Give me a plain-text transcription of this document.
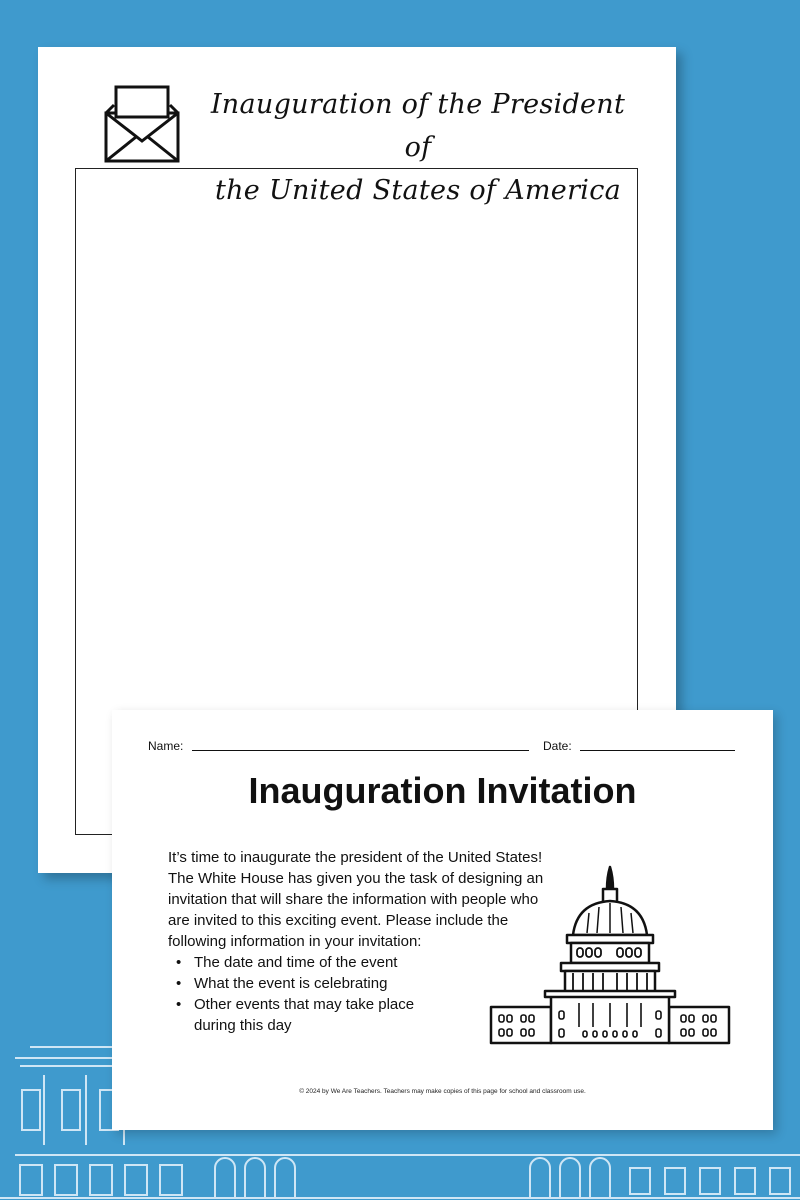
Inauguration of the President of
the United States of America
Name:	Date:
Inauguration Invitation
It’s time to inaugurate the president of the United States!
The White House has given you the task of designing an
invitation that will share the information with people who
are invited to this exciting event. Please include the
following information in your invitation:
• The date and time of the event
• What the event is celebrating
• Other events that may take place during this day
© 2024 by We Are Teachers. Teachers may make copies of this page for school and classroom use.
